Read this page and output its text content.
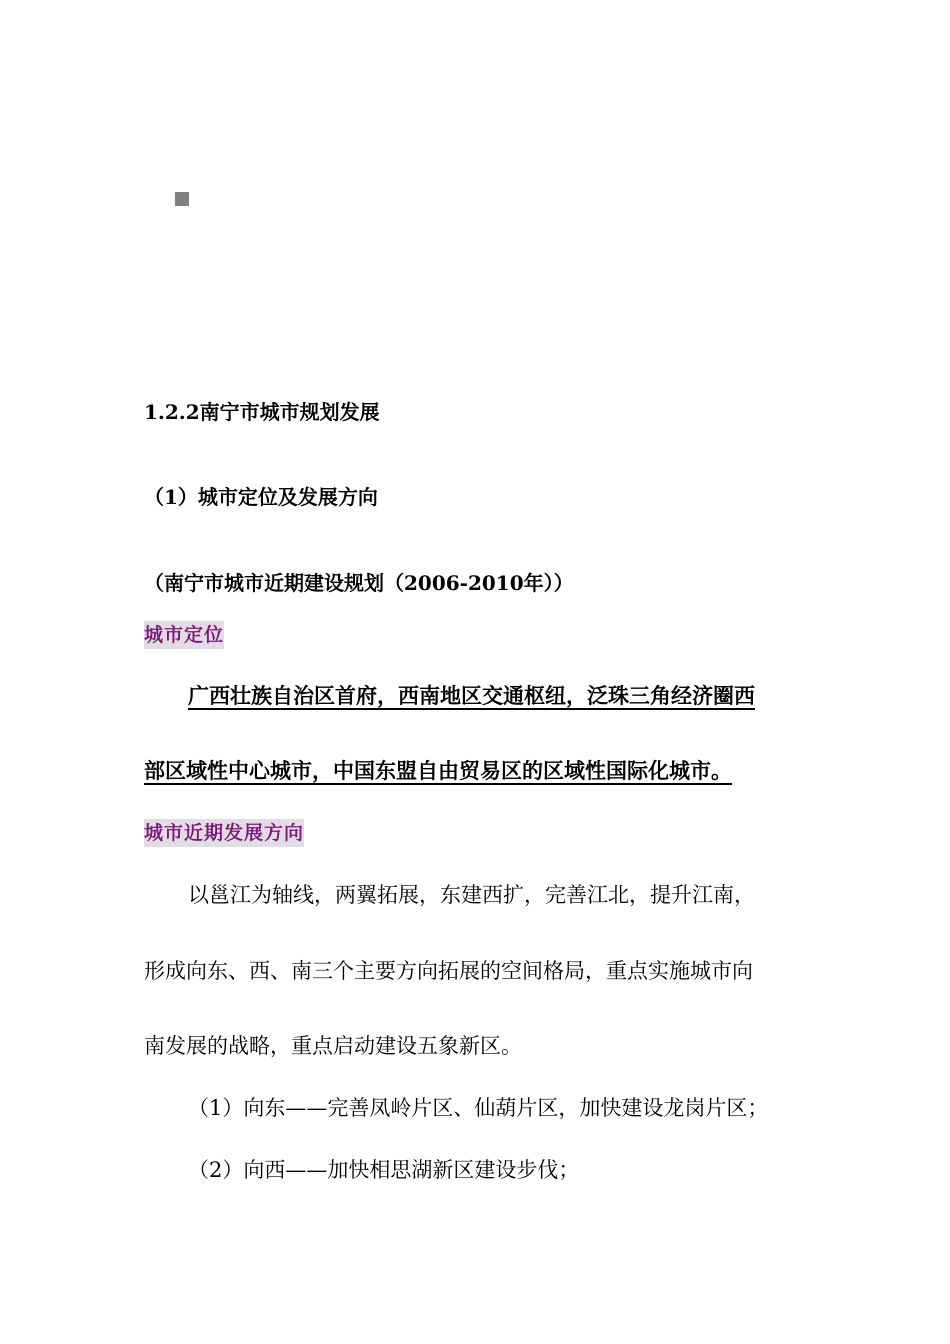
1.2.2南宁市城市规划发展
（1）城市定位及发展方向
（南宁市城市近期建设规划（2006-2010年））
城市定位
广西壮族自治区首府，西南地区交通枢纽，泛珠三角经济圈西
部区域性中心城市，中国东盟自由贸易区的区域性国际化城市。
城市近期发展方向
以邕江为轴线，两翼拓展，东建西扩，完善江北，提升江南，
形成向东、西、南三个主要方向拓展的空间格局，重点实施城市向
南发展的战略，重点启动建设五象新区。
（1）向东——完善凤岭片区、仙葫片区，加快建设龙岗片区；
（2）向西——加快相思湖新区建设步伐；
